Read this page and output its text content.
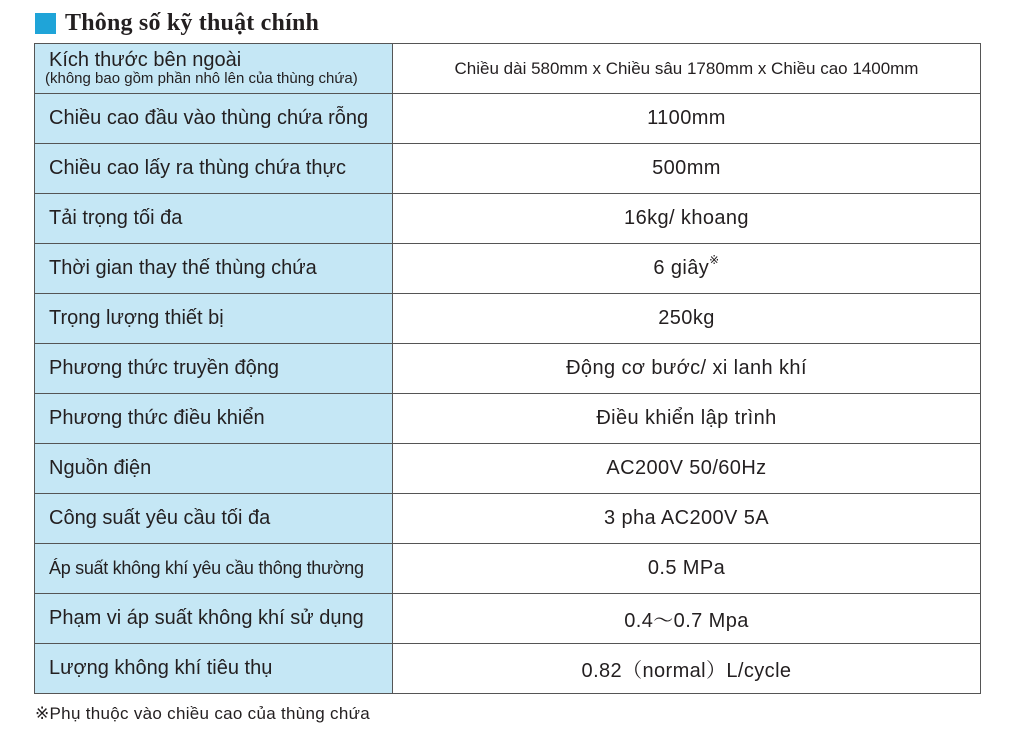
Thông số kỹ thuật chính
Kích thước bên ngoài
(không bao gồm phần nhô lên của thùng chứa)	Chiều dài 580mm x Chiều sâu 1780mm x Chiều cao 1400mm
Chiều cao đầu vào thùng chứa rỗng	1100mm
Chiều cao lấy ra thùng chứa thực	500mm
Tải trọng tối đa	16kg/ khoang
Thời gian thay thế thùng chứa	6 giây※
Trọng lượng thiết bị	250kg
Phương thức truyền động	Động cơ bước/ xi lanh khí
Phương thức điều khiển	Điều khiển lập trình
Nguồn điện	AC200V 50/60Hz
Công suất yêu cầu tối đa	3 pha AC200V 5A
Áp suất không khí yêu cầu thông thường	0.5 MPa
Phạm vi áp suất không khí sử dụng	0.4〜0.7 Mpa
Lượng không khí tiêu thụ	0.82（normal）L/cycle
※Phụ thuộc vào chiều cao của thùng chứa
